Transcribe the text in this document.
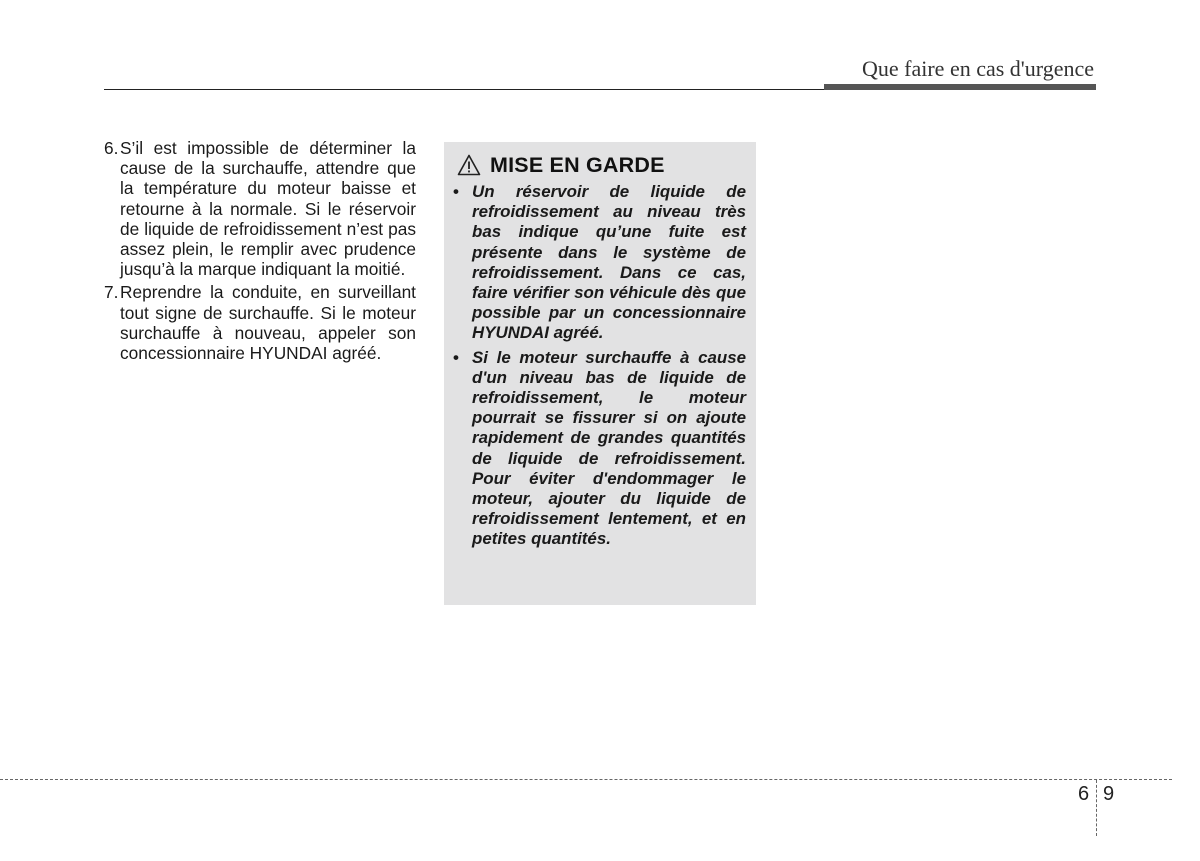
Que faire en cas d'urgence
6. S’il est impossible de déterminer la cause de la surchauffe, attendre que la température du moteur baisse et retourne à la normale. Si le réservoir de liquide de refroidissement n’est pas assez plein, le remplir avec prudence jusqu’à la marque indiquant la moitié.
7. Reprendre la conduite, en surveillant tout signe de surchauffe. Si le moteur surchauffe à nouveau, appeler son concessionnaire HYUNDAI agréé.
MISE EN GARDE
• Un réservoir de liquide de refroidissement au niveau très bas indique qu’une fuite est présente dans le système de refroidissement. Dans ce cas, faire vérifier son véhicule dès que possible par un concessionnaire HYUNDAI agréé.
• Si le moteur surchauffe à cause d'un niveau bas de liquide de refroidissement, le moteur pourrait se fissurer si on ajoute rapidement de grandes quantités de liquide de refroidissement. Pour éviter d'endommager le moteur, ajouter du liquide de refroidissement lentement, et en petites quantités.
6 9
